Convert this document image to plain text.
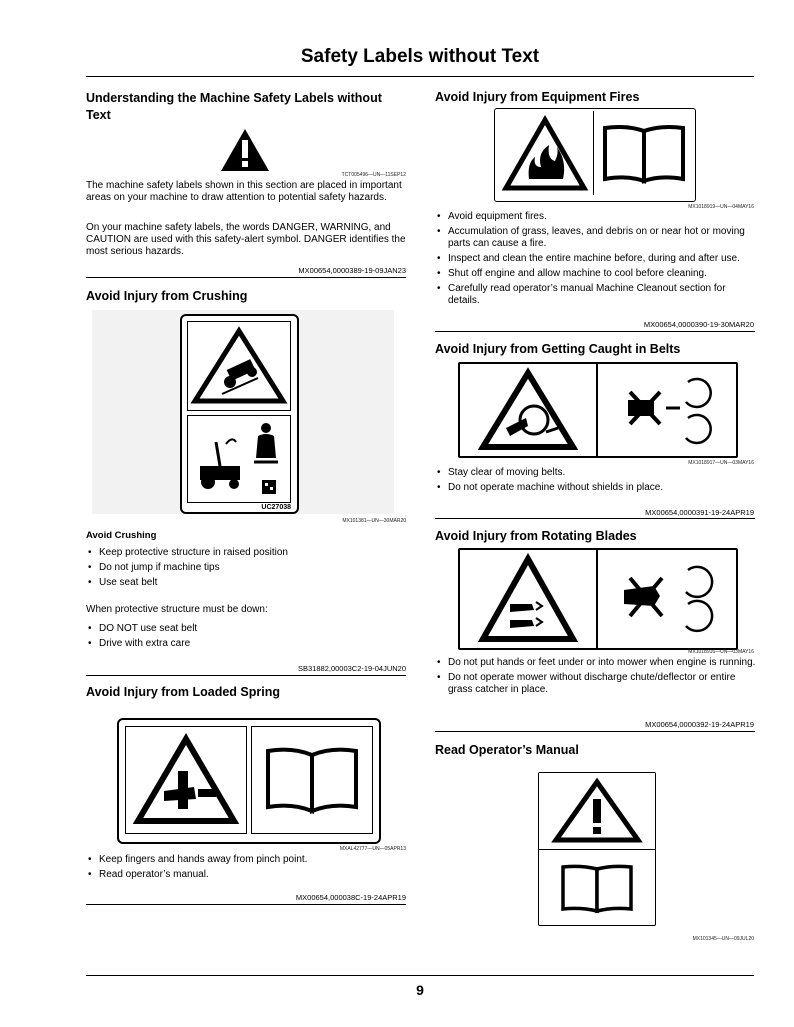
Safety Labels without Text
Understanding the Machine Safety Labels without Text
TCT005496—UN—11SEP12
The machine safety labels shown in this section are placed in important areas on your machine to draw attention to potential safety hazards.
On your machine safety labels, the words DANGER, WARNING, and CAUTION are used with this safety-alert symbol. DANGER identifies the most serious hazards.
MX00654,0000389-19-09JAN23
Avoid Injury from Crushing
UC27038
MX101381—UN—30MAR20
Avoid Crushing
• Keep protective structure in raised position
• Do not jump if machine tips
• Use seat belt
When protective structure must be down:
• DO NOT use seat belt
• Drive with extra care
SB31882,00003C2-19-04JUN20
Avoid Injury from Loaded Spring
MXAL42777—UN—05APR13
• Keep fingers and hands away from pinch point.
• Read operator’s manual.
MX00654,000038C-19-24APR19
Avoid Injury from Equipment Fires
MX1018919—UN—04MAY16
• Avoid equipment fires.
• Accumulation of grass, leaves, and debris on or near hot or moving parts can cause a fire.
• Inspect and clean the entire machine before, during and after use.
• Shut off engine and allow machine to cool before cleaning.
• Carefully read operator’s manual Machine Cleanout section for details.
MX00654,0000390-19-30MAR20
Avoid Injury from Getting Caught in Belts
MX1018917—UN—03MAY16
• Stay clear of moving belts.
• Do not operate machine without shields in place.
MX00654,0000391-19-24APR19
Avoid Injury from Rotating Blades
MX1018916—UN—03MAY16
• Do not put hands or feet under or into mower when engine is running.
• Do not operate mower without discharge chute/deflector or entire grass catcher in place.
MX00654,0000392-19-24APR19
Read Operator’s Manual
MX101345—UN—09JUL20
9
